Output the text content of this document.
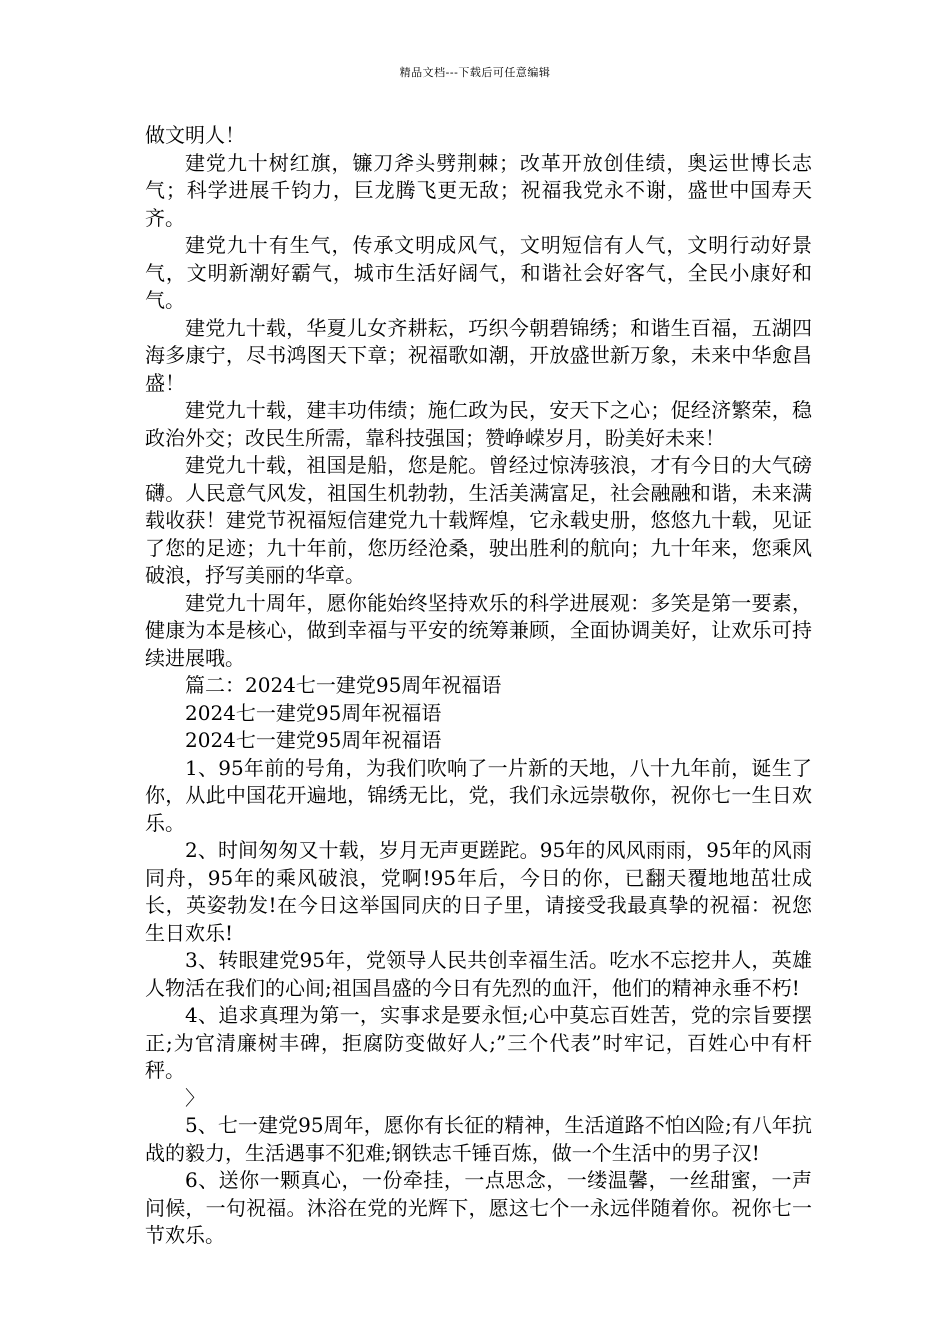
精品文档---下载后可任意编辑

做文明人！

建党九十树红旗，镰刀斧头劈荆棘；改革开放创佳绩，奥运世博长志气；科学进展千钧力，巨龙腾飞更无敌；祝福我党永不谢，盛世中国寿天齐。

建党九十有生气，传承文明成风气，文明短信有人气，文明行动好景气，文明新潮好霸气，城市生活好阔气，和谐社会好客气，全民小康好和气。

建党九十载，华夏儿女齐耕耘，巧织今朝碧锦绣；和谐生百福，五湖四海多康宁，尽书鸿图天下章；祝福歌如潮，开放盛世新万象，未来中华愈昌盛！

建党九十载，建丰功伟绩；施仁政为民，安天下之心；促经济繁荣，稳政治外交；改民生所需，靠科技强国；赞峥嵘岁月，盼美好未来！

建党九十载，祖国是船，您是舵。曾经过惊涛骇浪，才有今日的大气磅礴。人民意气风发，祖国生机勃勃，生活美满富足，社会融融和谐，未来满载收获！建党节祝福短信建党九十载辉煌，它永载史册，悠悠九十载，见证了您的足迹；九十年前，您历经沧桑，驶出胜利的航向；九十年来，您乘风破浪，抒写美丽的华章。

建党九十周年，愿你能始终坚持欢乐的科学进展观：多笑是第一要素，健康为本是核心，做到幸福与平安的统筹兼顾，全面协调美好，让欢乐可持续进展哦。

篇二：2024七一建党95周年祝福语

2024七一建党95周年祝福语

2024七一建党95周年祝福语

1、95年前的号角，为我们吹响了一片新的天地，八十九年前，诞生了你，从此中国花开遍地，锦绣无比，党，我们永远崇敬你，祝你七一生日欢乐。

2、时间匆匆又十载，岁月无声更蹉跎。95年的风风雨雨，95年的风雨同舟，95年的乘风破浪，党啊!95年后，今日的你，已翻天覆地地茁壮成长，英姿勃发!在今日这举国同庆的日子里，请接受我最真挚的祝福：祝您生日欢乐!

3、转眼建党95年，党领导人民共创幸福生活。吃水不忘挖井人，英雄人物活在我们的心间;祖国昌盛的今日有先烈的血汗，他们的精神永垂不朽!

4、追求真理为第一，实事求是要永恒;心中莫忘百姓苦，党的宗旨要摆正;为官清廉树丰碑，拒腐防变做好人;”三个代表”时牢记，百姓心中有杆秤。

〉

5、七一建党95周年，愿你有长征的精神，生活道路不怕凶险;有八年抗战的毅力，生活遇事不犯难;钢铁志千锤百炼，做一个生活中的男子汉!

6、送你一颗真心，一份牵挂，一点思念，一缕温馨，一丝甜蜜，一声问候，一句祝福。沐浴在党的光辉下，愿这七个一永远伴随着你。祝你七一节欢乐。
